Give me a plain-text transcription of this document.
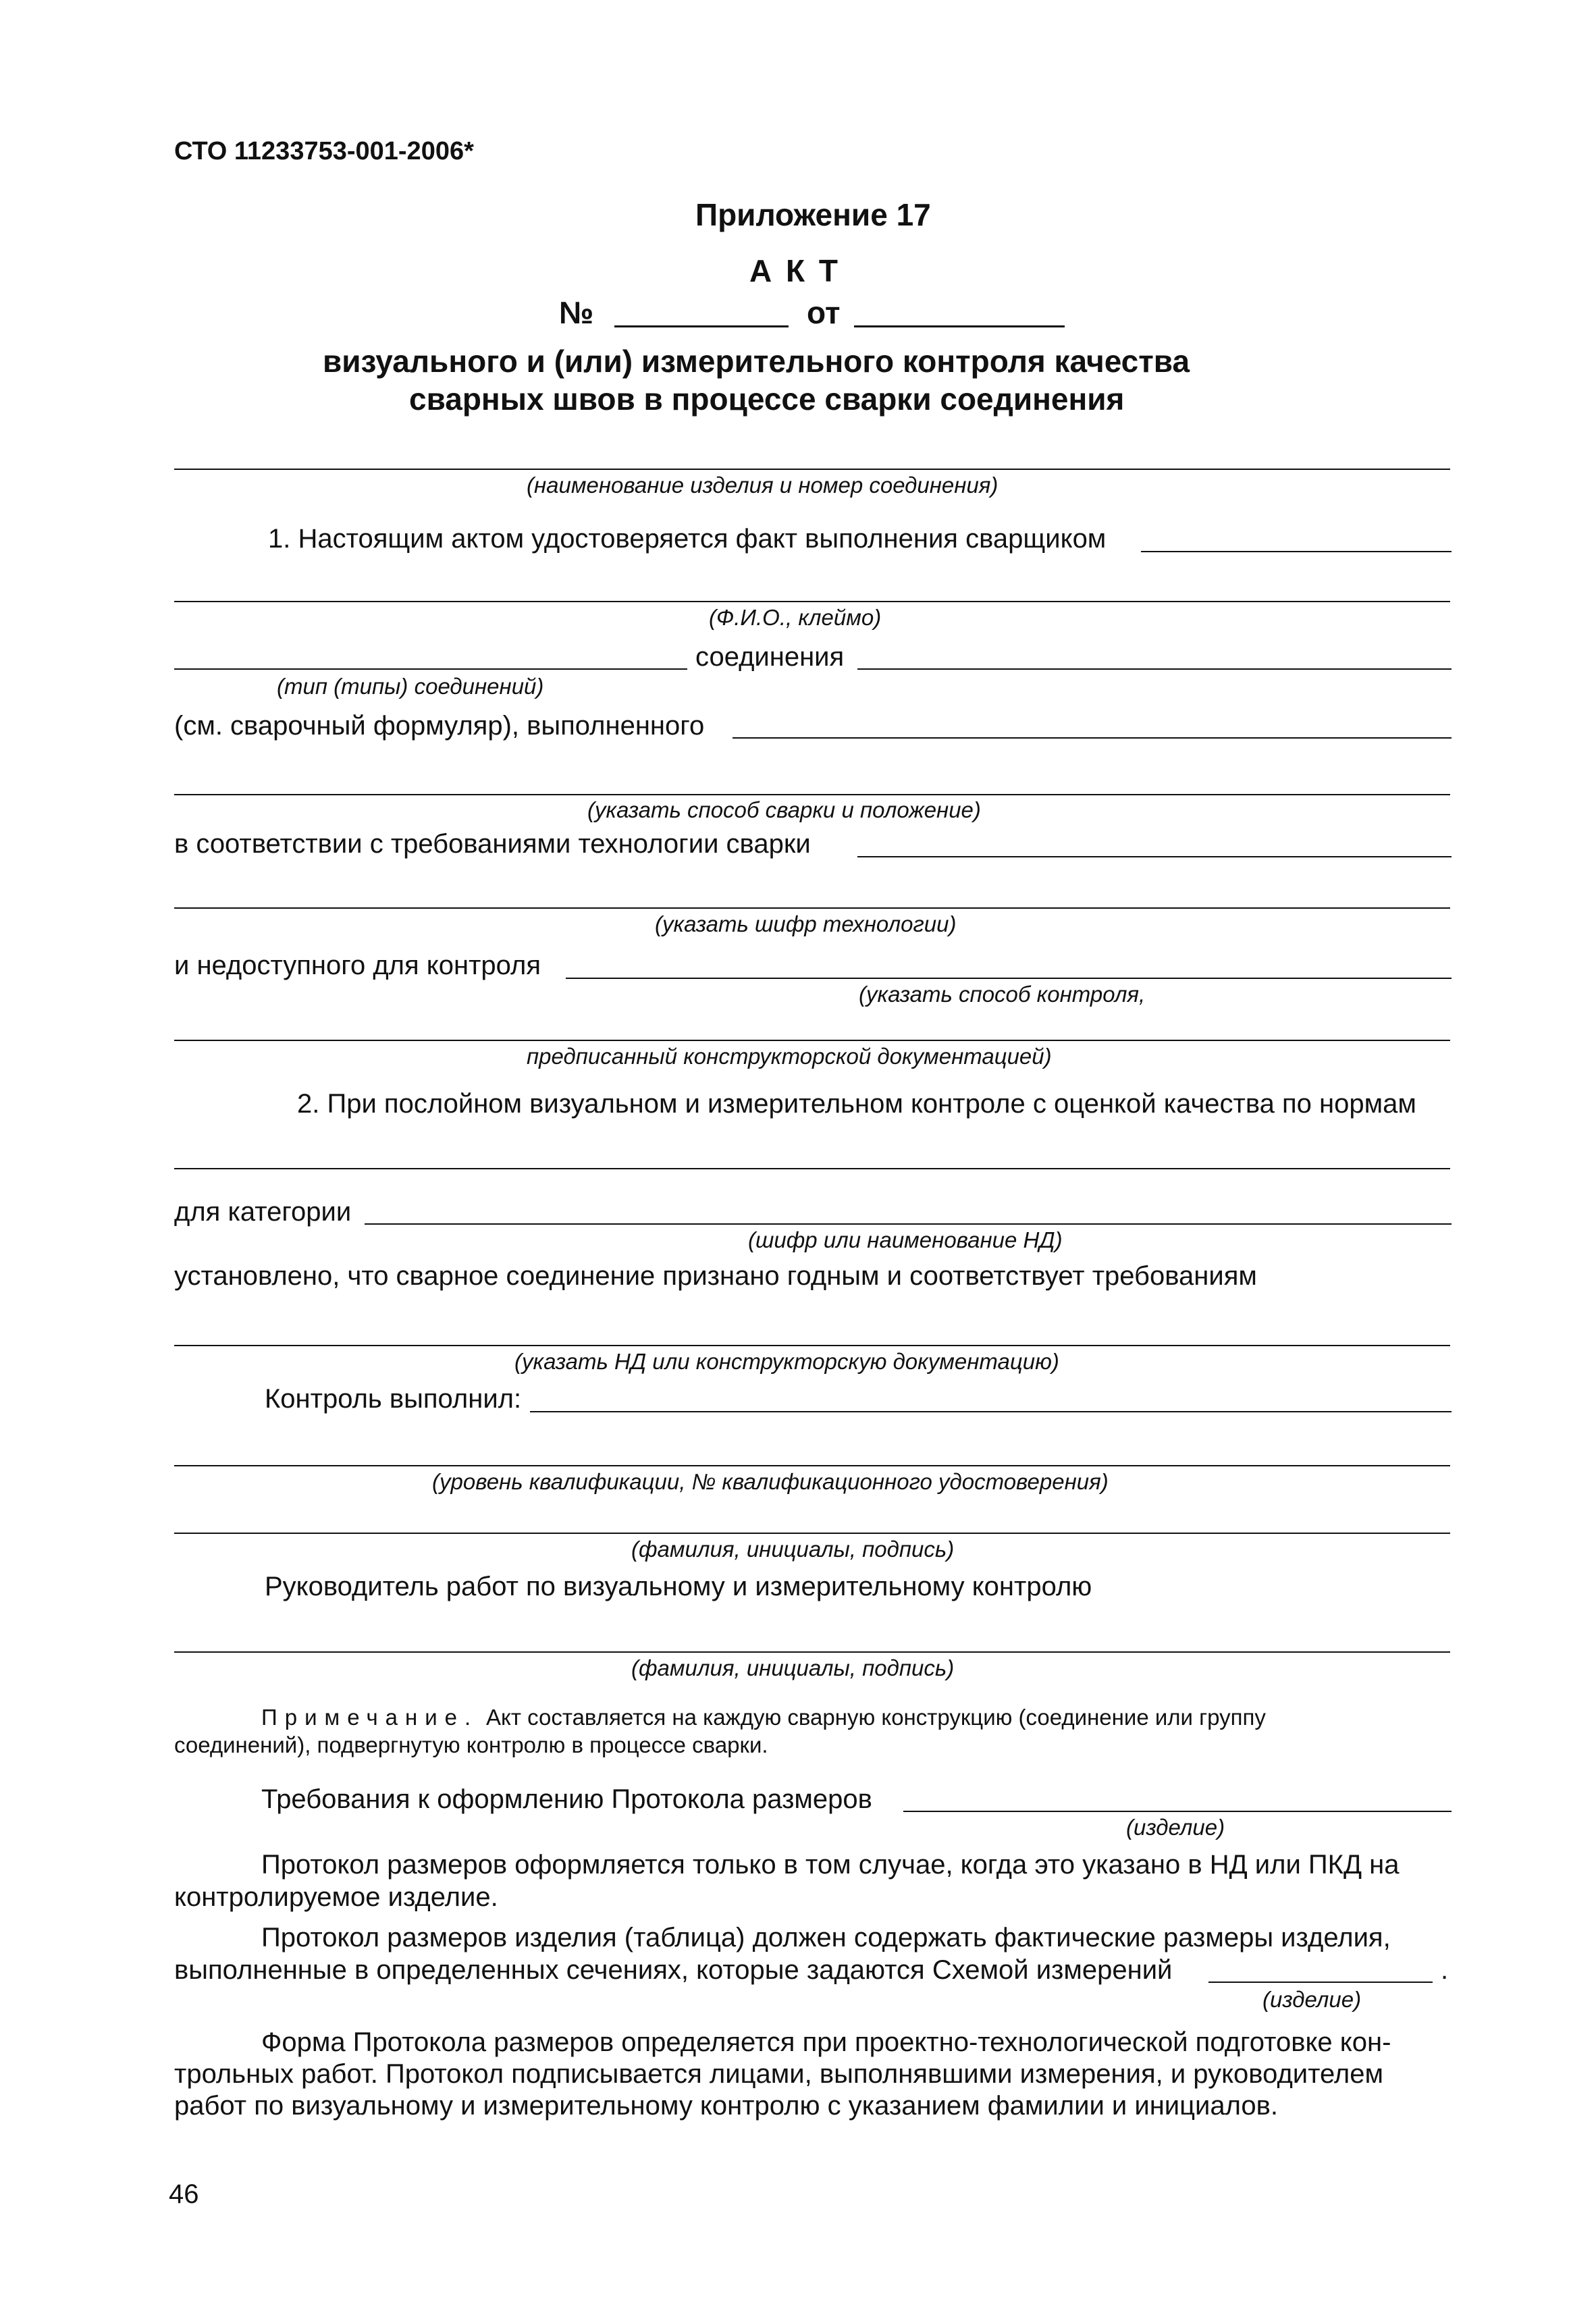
СТО 11233753-001-2006*
Приложение 17
А К Т
№	от
визуального и (или) измерительного контроля качества
сварных швов в процессе сварки соединения
(наименование изделия и номер соединения)
1. Настоящим актом удостоверяется факт выполнения сварщиком
(Ф.И.О., клеймо)
соединения
(тип (типы) соединений)
(см. сварочный формуляр), выполненного
(указать способ сварки и положение)
в соответствии с требованиями технологии сварки
(указать шифр технологии)
и недоступного для контроля
(указать способ контроля,
предписанный конструкторской документацией)
2. При послойном визуальном и измерительном контроле с оценкой качества по нормам
для категории
(шифр или наименование НД)
установлено, что сварное соединение признано годным и соответствует требованиям
(указать НД или конструкторскую документацию)
Контроль выполнил:
(уровень квалификации, № квалификационного удостоверения)
(фамилия, инициалы, подпись)
Руководитель работ по визуальному и измерительному контролю
(фамилия, инициалы, подпись)
Примечание. Акт составляется на каждую сварную конструкцию (соединение или группу
соединений), подвергнутую контролю в процессе сварки.
Требования к оформлению Протокола размеров
(изделие)
Протокол размеров оформляется только в том случае, когда это указано в НД или ПКД на
контролируемое изделие.
Протокол размеров изделия (таблица) должен содержать фактические размеры изделия,
выполненные в определенных сечениях, которые задаются Схемой измерений	.
(изделие)
Форма Протокола размеров определяется при проектно-технологической подготовке кон-
трольных работ. Протокол подписывается лицами, выполнявшими измерения, и руководителем
работ по визуальному и измерительному контролю с указанием фамилии и инициалов.
46
